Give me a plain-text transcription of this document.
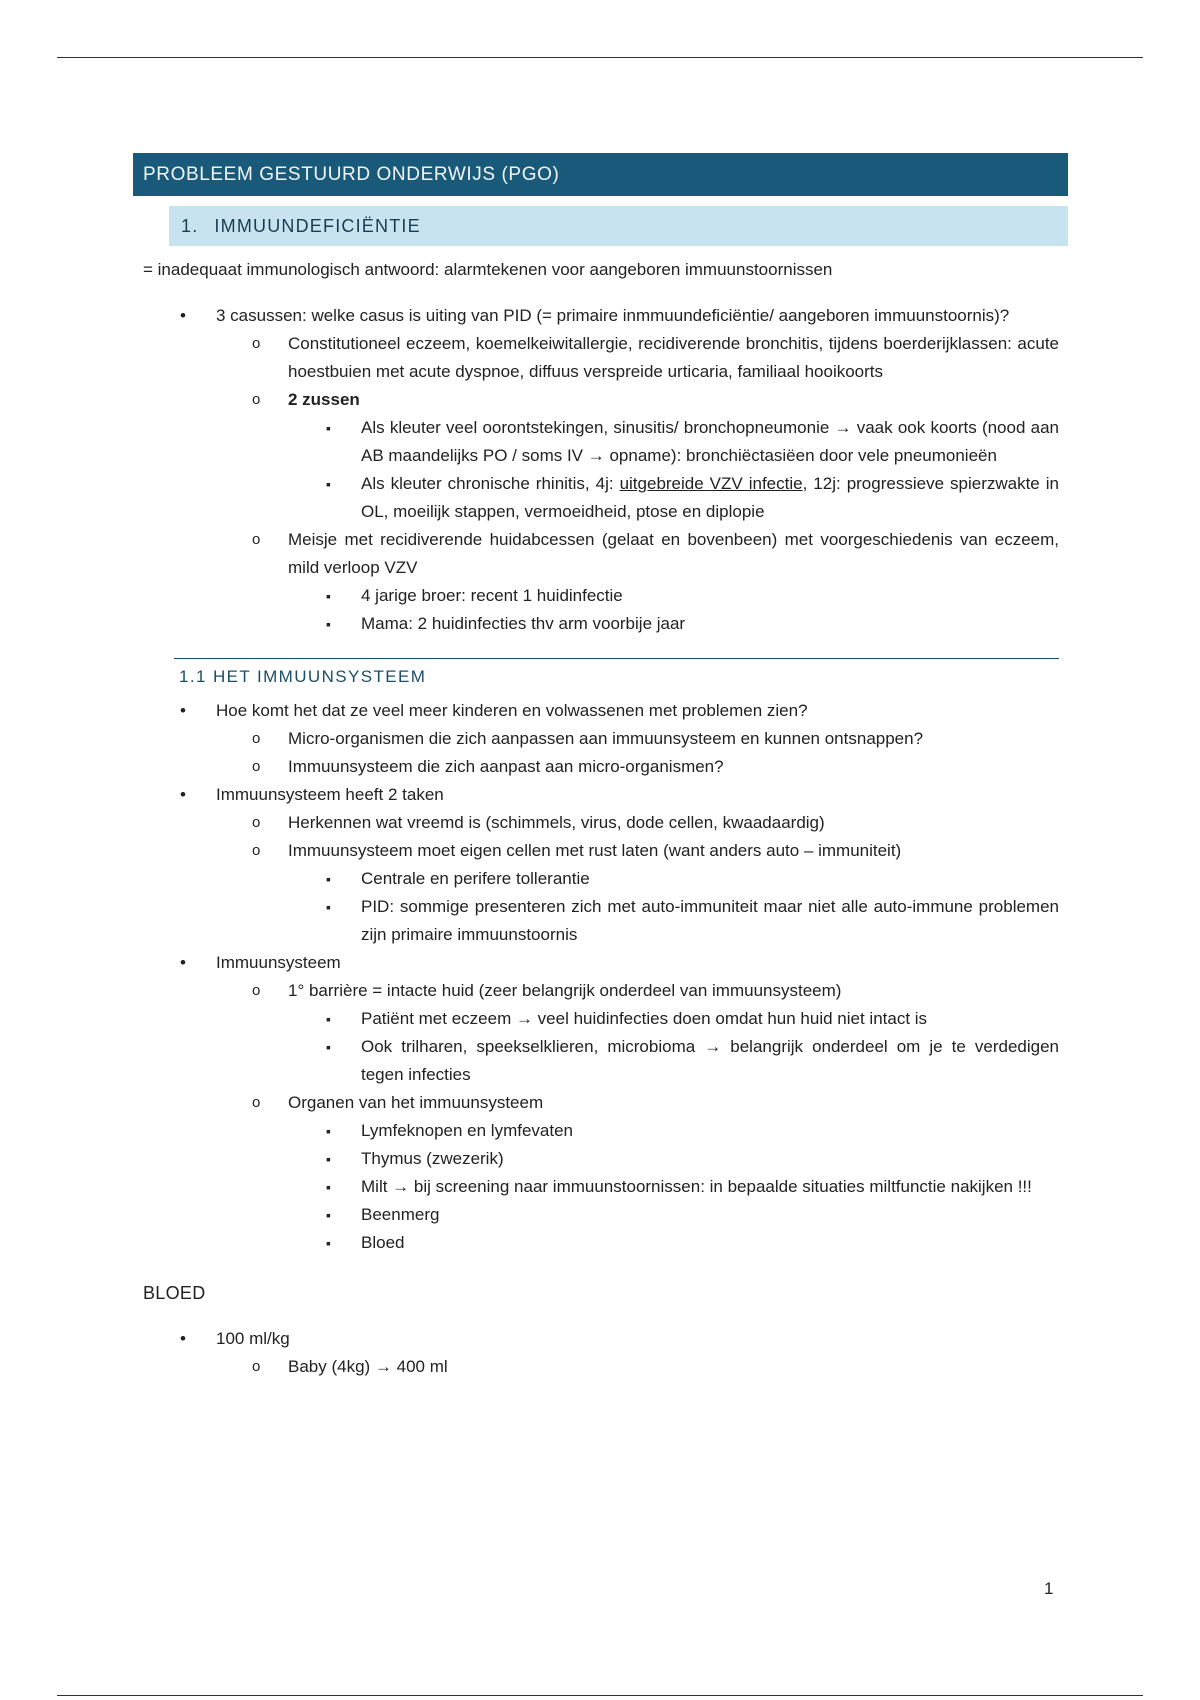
PROBLEEM GESTUURD ONDERWIJS (PGO)
1. IMMUUNDEFICIËNTIE
= inadequaat immunologisch antwoord: alarmtekenen voor aangeboren immuunstoornissen
• 3 casussen: welke casus is uiting van PID (= primaire inmmuundeficiëntie/ aangeboren immuunstoornis)?
o Constitutioneel eczeem, koemelkeiwitallergie, recidiverende bronchitis, tijdens boerderijklassen: acute hoestbuien met acute dyspnoe, diffuus verspreide urticaria, familiaal hooikoorts
o 2 zussen
▪ Als kleuter veel oorontstekingen, sinusitis/ bronchopneumonie → vaak ook koorts (nood aan AB maandelijks PO / soms IV → opname): bronchiëctasiëen door vele pneumonieën
▪ Als kleuter chronische rhinitis, 4j: uitgebreide VZV infectie, 12j: progressieve spierzwakte in OL, moeilijk stappen, vermoeidheid, ptose en diplopie
o Meisje met recidiverende huidabcessen (gelaat en bovenbeen) met voorgeschiedenis van eczeem, mild verloop VZV
▪ 4 jarige broer: recent 1 huidinfectie
▪ Mama: 2 huidinfecties thv arm voorbije jaar
1.1 HET IMMUUNSYSTEEM
• Hoe komt het dat ze veel meer kinderen en volwassenen met problemen zien?
o Micro-organismen die zich aanpassen aan immuunsysteem en kunnen ontsnappen?
o Immuunsysteem die zich aanpast aan micro-organismen?
• Immuunsysteem heeft 2 taken
o Herkennen wat vreemd is (schimmels, virus, dode cellen, kwaadaardig)
o Immuunsysteem moet eigen cellen met rust laten (want anders auto – immuniteit)
▪ Centrale en perifere tollerantie
▪ PID: sommige presenteren zich met auto-immuniteit maar niet alle auto-immune problemen zijn primaire immuunstoornis
• Immuunsysteem
o 1° barrière = intacte huid (zeer belangrijk onderdeel van immuunsysteem)
▪ Patiënt met eczeem → veel huidinfecties doen omdat hun huid niet intact is
▪ Ook trilharen, speekselklieren, microbioma → belangrijk onderdeel om je te verdedigen tegen infecties
o Organen van het immuunsysteem
▪ Lymfeknopen en lymfevaten
▪ Thymus (zwezerik)
▪ Milt → bij screening naar immuunstoornissen: in bepaalde situaties miltfunctie nakijken !!!
▪ Beenmerg
▪ Bloed
BLOED
• 100 ml/kg
o Baby (4kg) → 400 ml
1
